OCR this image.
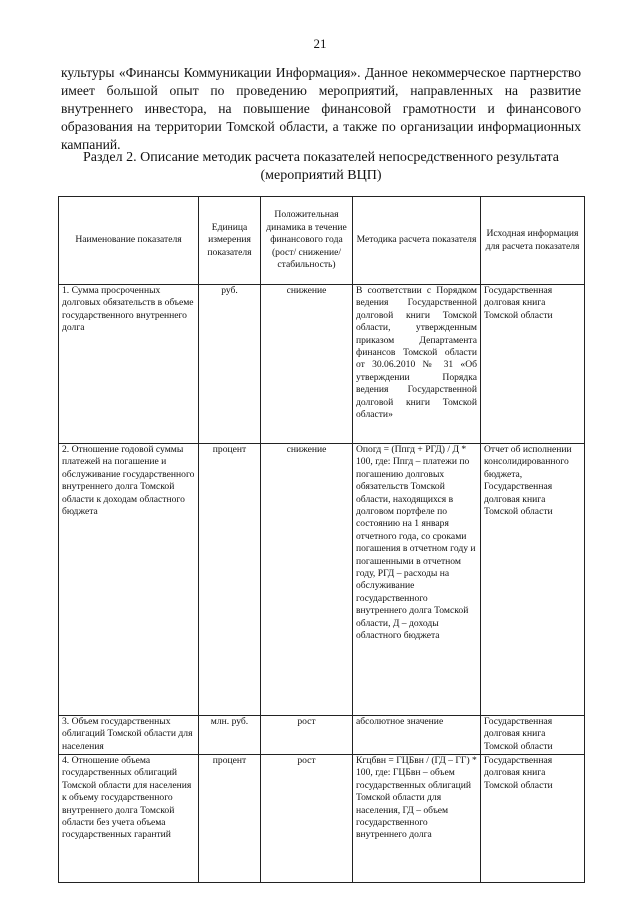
21

культуры «Финансы Коммуникации Информация». Данное некоммерческое партнерство имеет большой опыт по проведению мероприятий, направленных на развитие внутреннего инвестора, на повышение финансовой грамотности и финансового образования на территории Томской области, а также по организации информационных кампаний.

Раздел 2. Описание методик расчета показателей непосредственного результата
(мероприятий ВЦП)
Наименование показателя	Единица измерения показателя	Положительная динамика в течение финансового года (рост/ снижение/ стабильность)	Методика расчета показателя	Исходная информация для расчета показателя
1. Сумма просроченных долговых обязательств в объеме государственного внутреннего долга	руб.	снижение	В соответствии с Порядком ведения Государственной долговой книги Томской области, утвержденным приказом Департамента финансов Томской области от 30.06.2010 № 31 «Об утверждении Порядка ведения Государственной долговой книги Томской области»	Государственная долговая книга Томской области
2. Отношение годовой суммы платежей на погашение и обслуживание государственного внутреннего долга Томской области к доходам областного бюджета	процент	снижение	Опогд = (Ппгд + РГД) / Д * 100, где: Ппгд – платежи по погашению долговых обязательств Томской области, находящихся в долговом портфеле по состоянию на 1 января отчетного года, со сроками погашения в отчетном году и погашенными в отчетном году, РГД – расходы на обслуживание государственного внутреннего долга Томской области, Д – доходы областного бюджета	Отчет об исполнении консолидированного бюджета, Государственная долговая книга Томской области
3. Объем государственных облигаций Томской области для населения	млн. руб.	рост	абсолютное значение	Государственная долговая книга Томской области
4. Отношение объема государственных облигаций Томской области для населения к объему государственного внутреннего долга Томской области без учета объема государственных гарантий	процент	рост	Кгцбвн = ГЦБвн / (ГД – ГГ) * 100, где: ГЦБвн – объем государственных облигаций Томской области для населения, ГД – объем государственного внутреннего долга	Государственная долговая книга Томской области
